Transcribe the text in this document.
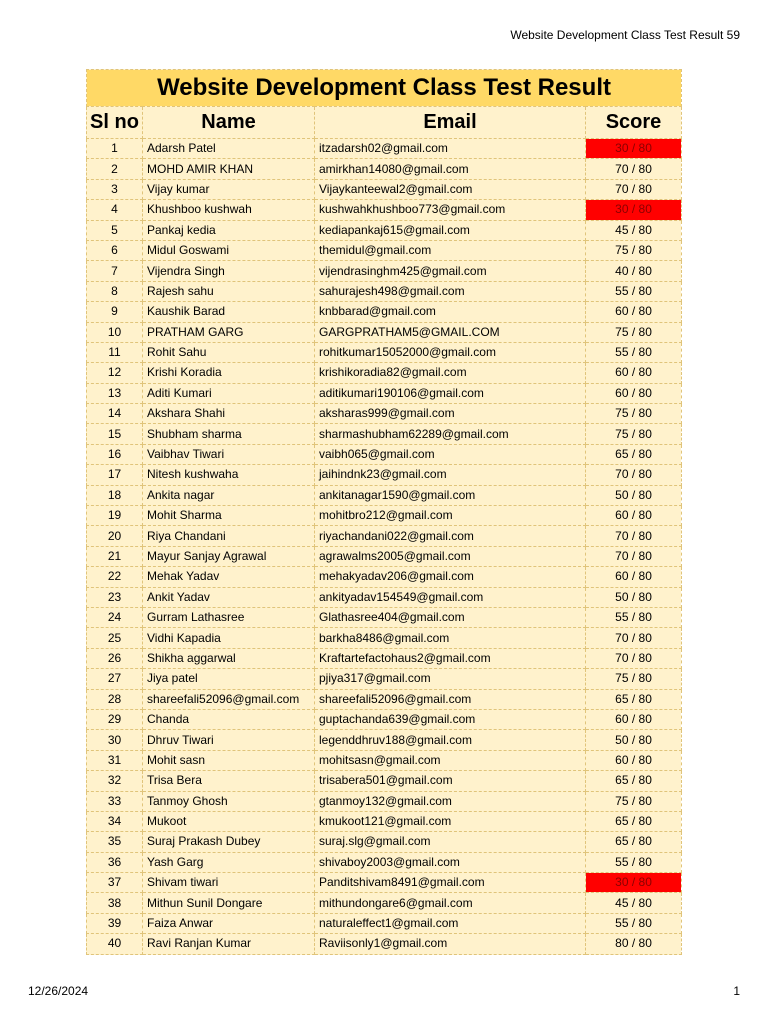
Website Development Class Test Result 59
Website Development Class Test Result			
Sl no	Name	Email	Score
1	Adarsh Patel	itzadarsh02@gmail.com	30 / 80
2	MOHD AMIR KHAN	amirkhan14080@gmail.com	70 / 80
3	Vijay kumar	Vijaykanteewal2@gmail.com	70 / 80
4	Khushboo kushwah	kushwahkhushboo773@gmail.com	30 / 80
5	Pankaj kedia	kediapankaj615@gmail.com	45 / 80
6	Midul Goswami	themidul@gmail.com	75 / 80
7	Vijendra Singh	vijendrasinghm425@gmail.com	40 / 80
8	Rajesh sahu	sahurajesh498@gmail.com	55 / 80
9	Kaushik Barad	knbbarad@gmail.com	60 / 80
10	PRATHAM GARG	GARGPRATHAM5@GMAIL.COM	75 / 80
11	Rohit Sahu	rohitkumar15052000@gmail.com	55 / 80
12	Krishi Koradia	krishikoradia82@gmail.com	60 / 80
13	Aditi Kumari	aditikumari190106@gmail.com	60 / 80
14	Akshara Shahi	aksharas999@gmail.com	75 / 80
15	Shubham sharma	sharmashubham62289@gmail.com	75 / 80
16	Vaibhav Tiwari	vaibh065@gmail.com	65 / 80
17	Nitesh kushwaha	jaihindnk23@gmail.com	70 / 80
18	Ankita nagar	ankitanagar1590@gmail.com	50 / 80
19	Mohit Sharma	mohitbro212@gmail.com	60 / 80
20	Riya Chandani	riyachandani022@gmail.com	70 / 80
21	Mayur Sanjay Agrawal	agrawalms2005@gmail.com	70 / 80
22	Mehak Yadav	mehakyadav206@gmail.com	60 / 80
23	Ankit Yadav	ankityadav154549@gmail.com	50 / 80
24	Gurram Lathasree	Glathasree404@gmail.com	55 / 80
25	Vidhi Kapadia	barkha8486@gmail.com	70 / 80
26	Shikha aggarwal	Kraftartefactohaus2@gmail.com	70 / 80
27	Jiya patel	pjiya317@gmail.com	75 / 80
28	shareefali52096@gmail.com	shareefali52096@gmail.com	65 / 80
29	Chanda	guptachanda639@gmail.com	60 / 80
30	Dhruv Tiwari	legenddhruv188@gmail.com	50 / 80
31	Mohit sasn	mohitsasn@gmail.com	60 / 80
32	Trisa Bera	trisabera501@gmail.com	65 / 80
33	Tanmoy Ghosh	gtanmoy132@gmail.com	75 / 80
34	Mukoot	kmukoot121@gmail.com	65 / 80
35	Suraj Prakash Dubey	suraj.slg@gmail.com	65 / 80
36	Yash Garg	shivaboy2003@gmail.com	55 / 80
37	Shivam tiwari	Panditshivam8491@gmail.com	30 / 80
38	Mithun Sunil Dongare	mithundongare6@gmail.com	45 / 80
39	Faiza Anwar	naturaleffect1@gmail.com	55 / 80
40	Ravi Ranjan Kumar	Raviisonly1@gmail.com	80 / 80
12/26/2024	1
